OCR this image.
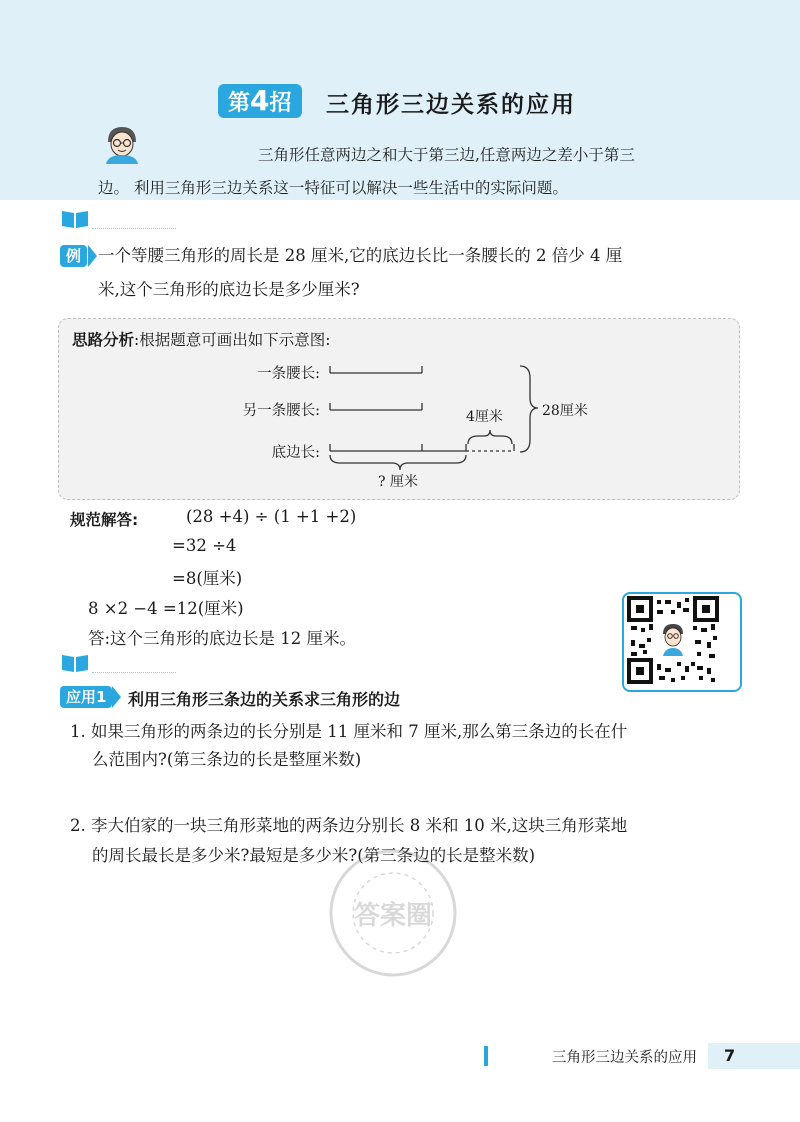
第4招	三角形三边关系的应用
三角形任意两边之和大于第三边,任意两边之差小于第三
边。 利用三角形三边关系这一特征可以解决一些生活中的实际问题。
例	一个等腰三角形的周长是 28 厘米,它的底边长比一条腰长的 2 倍少 4 厘
米,这个三角形的底边长是多少厘米?
思路分析:根据题意可画出如下示意图:
一条腰长:
另一条腰长:
底边长:
4厘米	28厘米
? 厘米
规范解答:	(28 +4) ÷ (1 +1 +2)
=32 ÷4
=8(厘米)
8 ×2 −4 =12(厘米)
答:这个三角形的底边长是 12 厘米。
应用1	利用三角形三条边的关系求三角形的边
1. 如果三角形的两条边的长分别是 11 厘米和 7 厘米,那么第三条边的长在什
么范围内?(第三条边的长是整厘米数)
2. 李大伯家的一块三角形菜地的两条边分别长 8 米和 10 米,这块三角形菜地
的周长最长是多少米?最短是多少米?(第三条边的长是整米数)
答案圈
三角形三边关系的应用 7
